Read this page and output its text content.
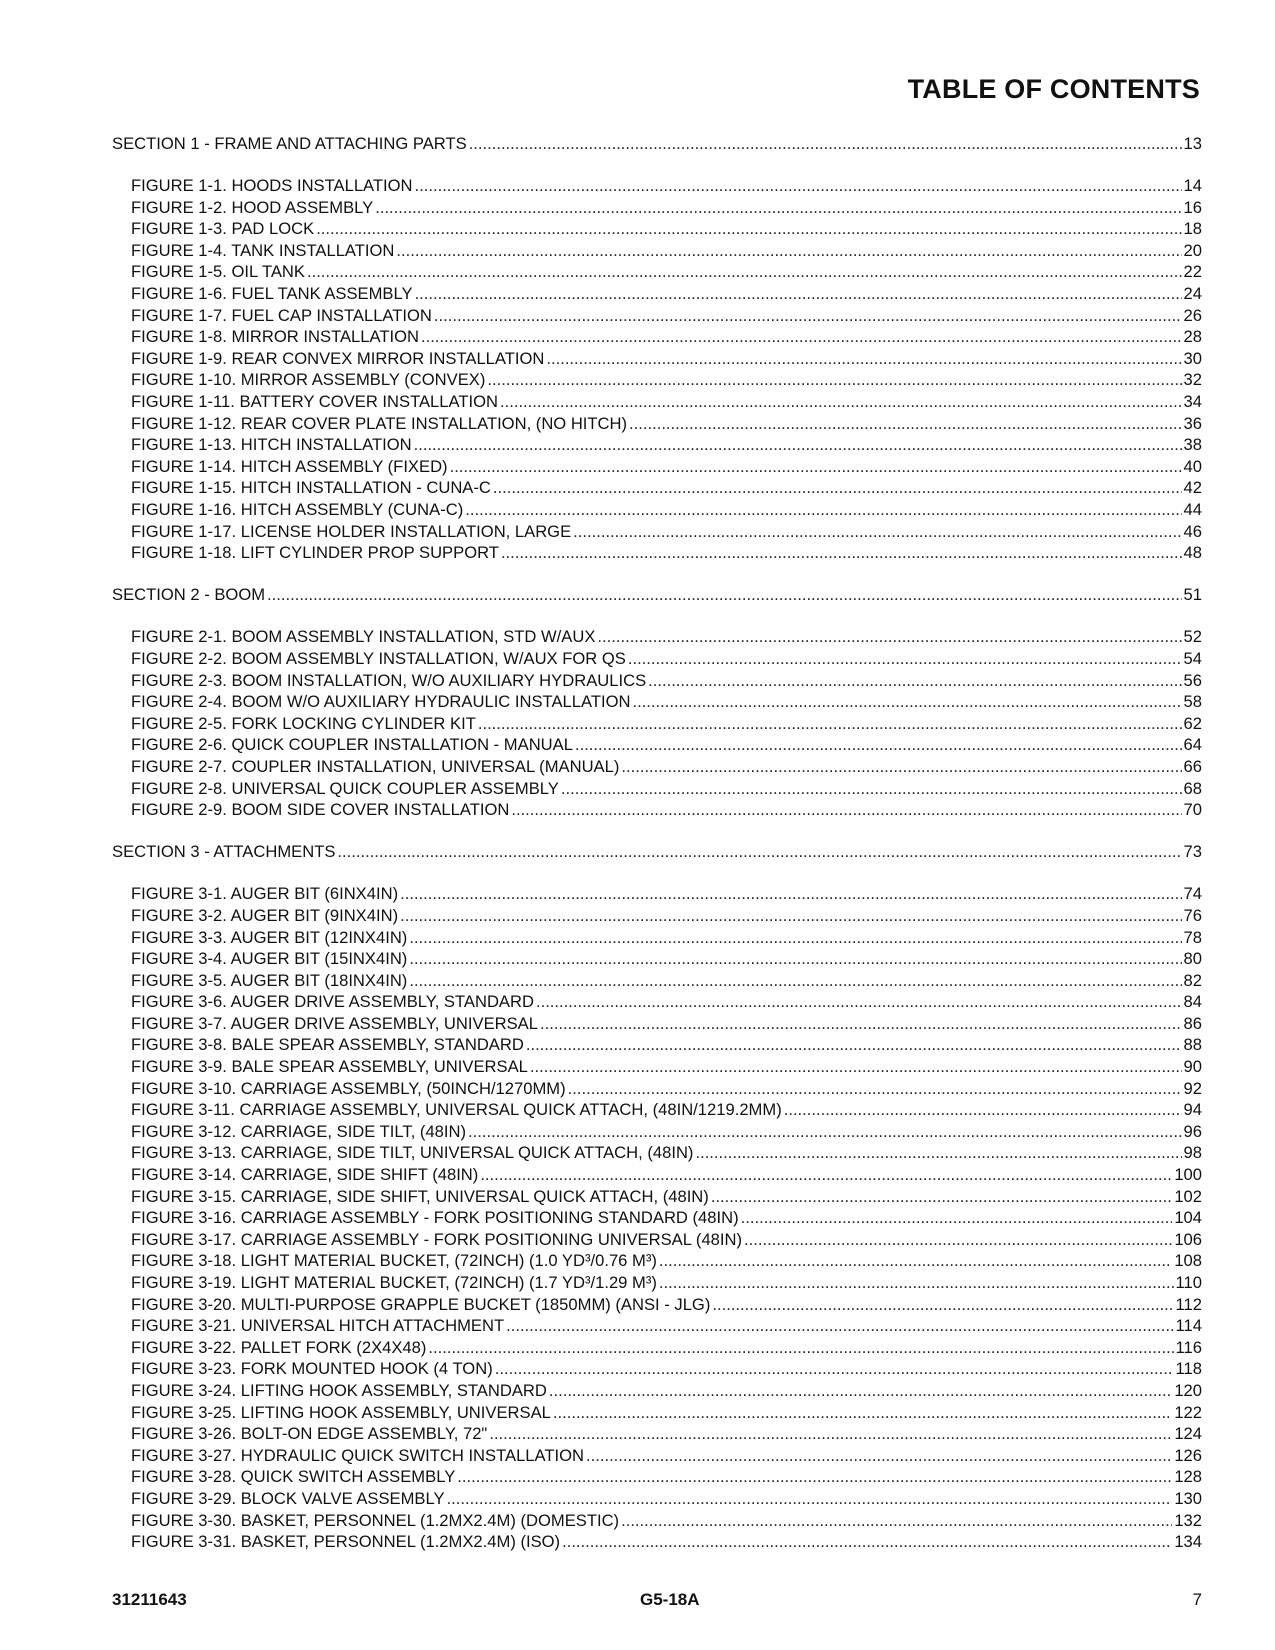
TABLE OF CONTENTS
SECTION 1 - FRAME AND ATTACHING PARTS .....	13
FIGURE 1-1. HOODS INSTALLATION .....	14
FIGURE 1-2. HOOD ASSEMBLY .....	16
FIGURE 1-3. PAD LOCK .....	18
FIGURE 1-4. TANK INSTALLATION .....	20
FIGURE 1-5. OIL TANK .....	22
FIGURE 1-6. FUEL TANK ASSEMBLY .....	24
FIGURE 1-7. FUEL CAP INSTALLATION .....	26
FIGURE 1-8. MIRROR INSTALLATION .....	28
FIGURE 1-9. REAR CONVEX MIRROR INSTALLATION .....	30
FIGURE 1-10. MIRROR ASSEMBLY (CONVEX) .....	32
FIGURE 1-11. BATTERY COVER INSTALLATION .....	34
FIGURE 1-12. REAR COVER PLATE INSTALLATION, (NO HITCH) .....	36
FIGURE 1-13. HITCH INSTALLATION .....	38
FIGURE 1-14. HITCH ASSEMBLY (FIXED) .....	40
FIGURE 1-15. HITCH INSTALLATION - CUNA-C .....	42
FIGURE 1-16. HITCH ASSEMBLY (CUNA-C) .....	44
FIGURE 1-17. LICENSE HOLDER INSTALLATION, LARGE .....	46
FIGURE 1-18. LIFT CYLINDER PROP SUPPORT .....	48
SECTION 2 - BOOM .....	51
FIGURE 2-1. BOOM ASSEMBLY INSTALLATION, STD W/AUX .....	52
FIGURE 2-2. BOOM ASSEMBLY INSTALLATION, W/AUX FOR QS .....	54
FIGURE 2-3. BOOM INSTALLATION, W/O AUXILIARY HYDRAULICS .....	56
FIGURE 2-4. BOOM W/O AUXILIARY HYDRAULIC INSTALLATION .....	58
FIGURE 2-5. FORK LOCKING CYLINDER KIT .....	62
FIGURE 2-6. QUICK COUPLER INSTALLATION - MANUAL .....	64
FIGURE 2-7. COUPLER INSTALLATION, UNIVERSAL (MANUAL) .....	66
FIGURE 2-8. UNIVERSAL QUICK COUPLER ASSEMBLY .....	68
FIGURE 2-9. BOOM SIDE COVER INSTALLATION .....	70
SECTION 3 - ATTACHMENTS .....	73
FIGURE 3-1. AUGER BIT (6INX4IN) .....	74
FIGURE 3-2. AUGER BIT (9INX4IN) .....	76
FIGURE 3-3. AUGER BIT (12INX4IN) .....	78
FIGURE 3-4. AUGER BIT (15INX4IN) .....	80
FIGURE 3-5. AUGER BIT (18INX4IN) .....	82
FIGURE 3-6. AUGER DRIVE ASSEMBLY, STANDARD .....	84
FIGURE 3-7. AUGER DRIVE ASSEMBLY, UNIVERSAL .....	86
FIGURE 3-8. BALE SPEAR ASSEMBLY, STANDARD .....	88
FIGURE 3-9. BALE SPEAR ASSEMBLY, UNIVERSAL .....	90
FIGURE 3-10. CARRIAGE ASSEMBLY, (50INCH/1270MM) .....	92
FIGURE 3-11. CARRIAGE ASSEMBLY, UNIVERSAL QUICK ATTACH, (48IN/1219.2MM) .....	94
FIGURE 3-12. CARRIAGE, SIDE TILT, (48IN) .....	96
FIGURE 3-13. CARRIAGE, SIDE TILT, UNIVERSAL QUICK ATTACH, (48IN) .....	98
FIGURE 3-14. CARRIAGE, SIDE SHIFT (48IN) .....	100
FIGURE 3-15. CARRIAGE, SIDE SHIFT, UNIVERSAL QUICK ATTACH, (48IN) .....	102
FIGURE 3-16. CARRIAGE ASSEMBLY - FORK POSITIONING STANDARD (48IN) .....	104
FIGURE 3-17. CARRIAGE ASSEMBLY - FORK POSITIONING UNIVERSAL (48IN) .....	106
FIGURE 3-18. LIGHT MATERIAL BUCKET, (72INCH) (1.0 YD³/0.76 M³) .....	108
FIGURE 3-19. LIGHT MATERIAL BUCKET, (72INCH) (1.7 YD³/1.29 M³) .....	110
FIGURE 3-20. MULTI-PURPOSE GRAPPLE BUCKET (1850MM) (ANSI - JLG) .....	112
FIGURE 3-21. UNIVERSAL HITCH ATTACHMENT .....	114
FIGURE 3-22. PALLET FORK (2X4X48) .....	116
FIGURE 3-23. FORK MOUNTED HOOK (4 TON) .....	118
FIGURE 3-24. LIFTING HOOK ASSEMBLY, STANDARD .....	120
FIGURE 3-25. LIFTING HOOK ASSEMBLY, UNIVERSAL .....	122
FIGURE 3-26. BOLT-ON EDGE ASSEMBLY, 72" .....	124
FIGURE 3-27. HYDRAULIC QUICK SWITCH INSTALLATION .....	126
FIGURE 3-28. QUICK SWITCH ASSEMBLY .....	128
FIGURE 3-29. BLOCK VALVE ASSEMBLY .....	130
FIGURE 3-30. BASKET, PERSONNEL (1.2MX2.4M) (DOMESTIC) .....	132
FIGURE 3-31. BASKET, PERSONNEL (1.2MX2.4M) (ISO) .....	134
31211643	G5-18A	7
